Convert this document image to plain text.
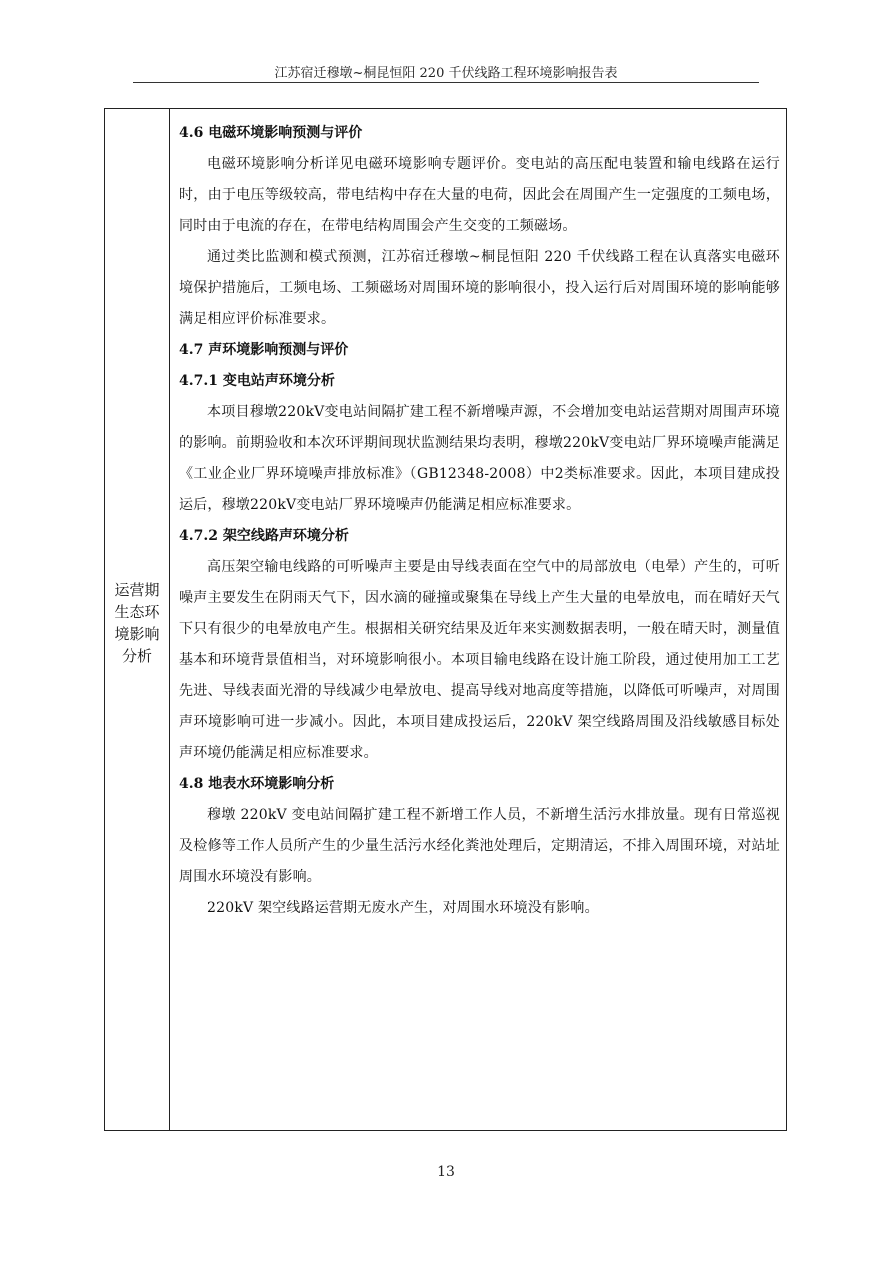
江苏宿迁穆墩~桐昆恒阳 220 千伏线路工程环境影响报告表
运营期
生态环
境影响
分析
4.6 电磁环境影响预测与评价

电磁环境影响分析详见电磁环境影响专题评价。变电站的高压配电装置和输电线路在运行时，由于电压等级较高，带电结构中存在大量的电荷，因此会在周围产生一定强度的工频电场，同时由于电流的存在，在带电结构周围会产生交变的工频磁场。

通过类比监测和模式预测，江苏宿迁穆墩~桐昆恒阳 220 千伏线路工程在认真落实电磁环境保护措施后，工频电场、工频磁场对周围环境的影响很小，投入运行后对周围环境的影响能够满足相应评价标准要求。

4.7 声环境影响预测与评价
4.7.1 变电站声环境分析

本项目穆墩220kV变电站间隔扩建工程不新增噪声源，不会增加变电站运营期对周围声环境的影响。前期验收和本次环评期间现状监测结果均表明，穆墩220kV变电站厂界环境噪声能满足《工业企业厂界环境噪声排放标准》（GB12348-2008）中2类标准要求。因此，本项目建成投运后，穆墩220kV变电站厂界环境噪声仍能满足相应标准要求。

4.7.2 架空线路声环境分析

高压架空输电线路的可听噪声主要是由导线表面在空气中的局部放电（电晕）产生的，可听噪声主要发生在阴雨天气下，因水滴的碰撞或聚集在导线上产生大量的电晕放电，而在晴好天气下只有很少的电晕放电产生。根据相关研究结果及近年来实测数据表明，一般在晴天时，测量值基本和环境背景值相当，对环境影响很小。本项目输电线路在设计施工阶段，通过使用加工工艺先进、导线表面光滑的导线减少电晕放电、提高导线对地高度等措施，以降低可听噪声，对周围声环境影响可进一步减小。因此，本项目建成投运后，220kV 架空线路周围及沿线敏感目标处声环境仍能满足相应标准要求。

4.8 地表水环境影响分析

穆墩 220kV 变电站间隔扩建工程不新增工作人员，不新增生活污水排放量。现有日常巡视及检修等工作人员所产生的少量生活污水经化粪池处理后，定期清运，不排入周围环境，对站址周围水环境没有影响。

220kV 架空线路运营期无废水产生，对周围水环境没有影响。

13
